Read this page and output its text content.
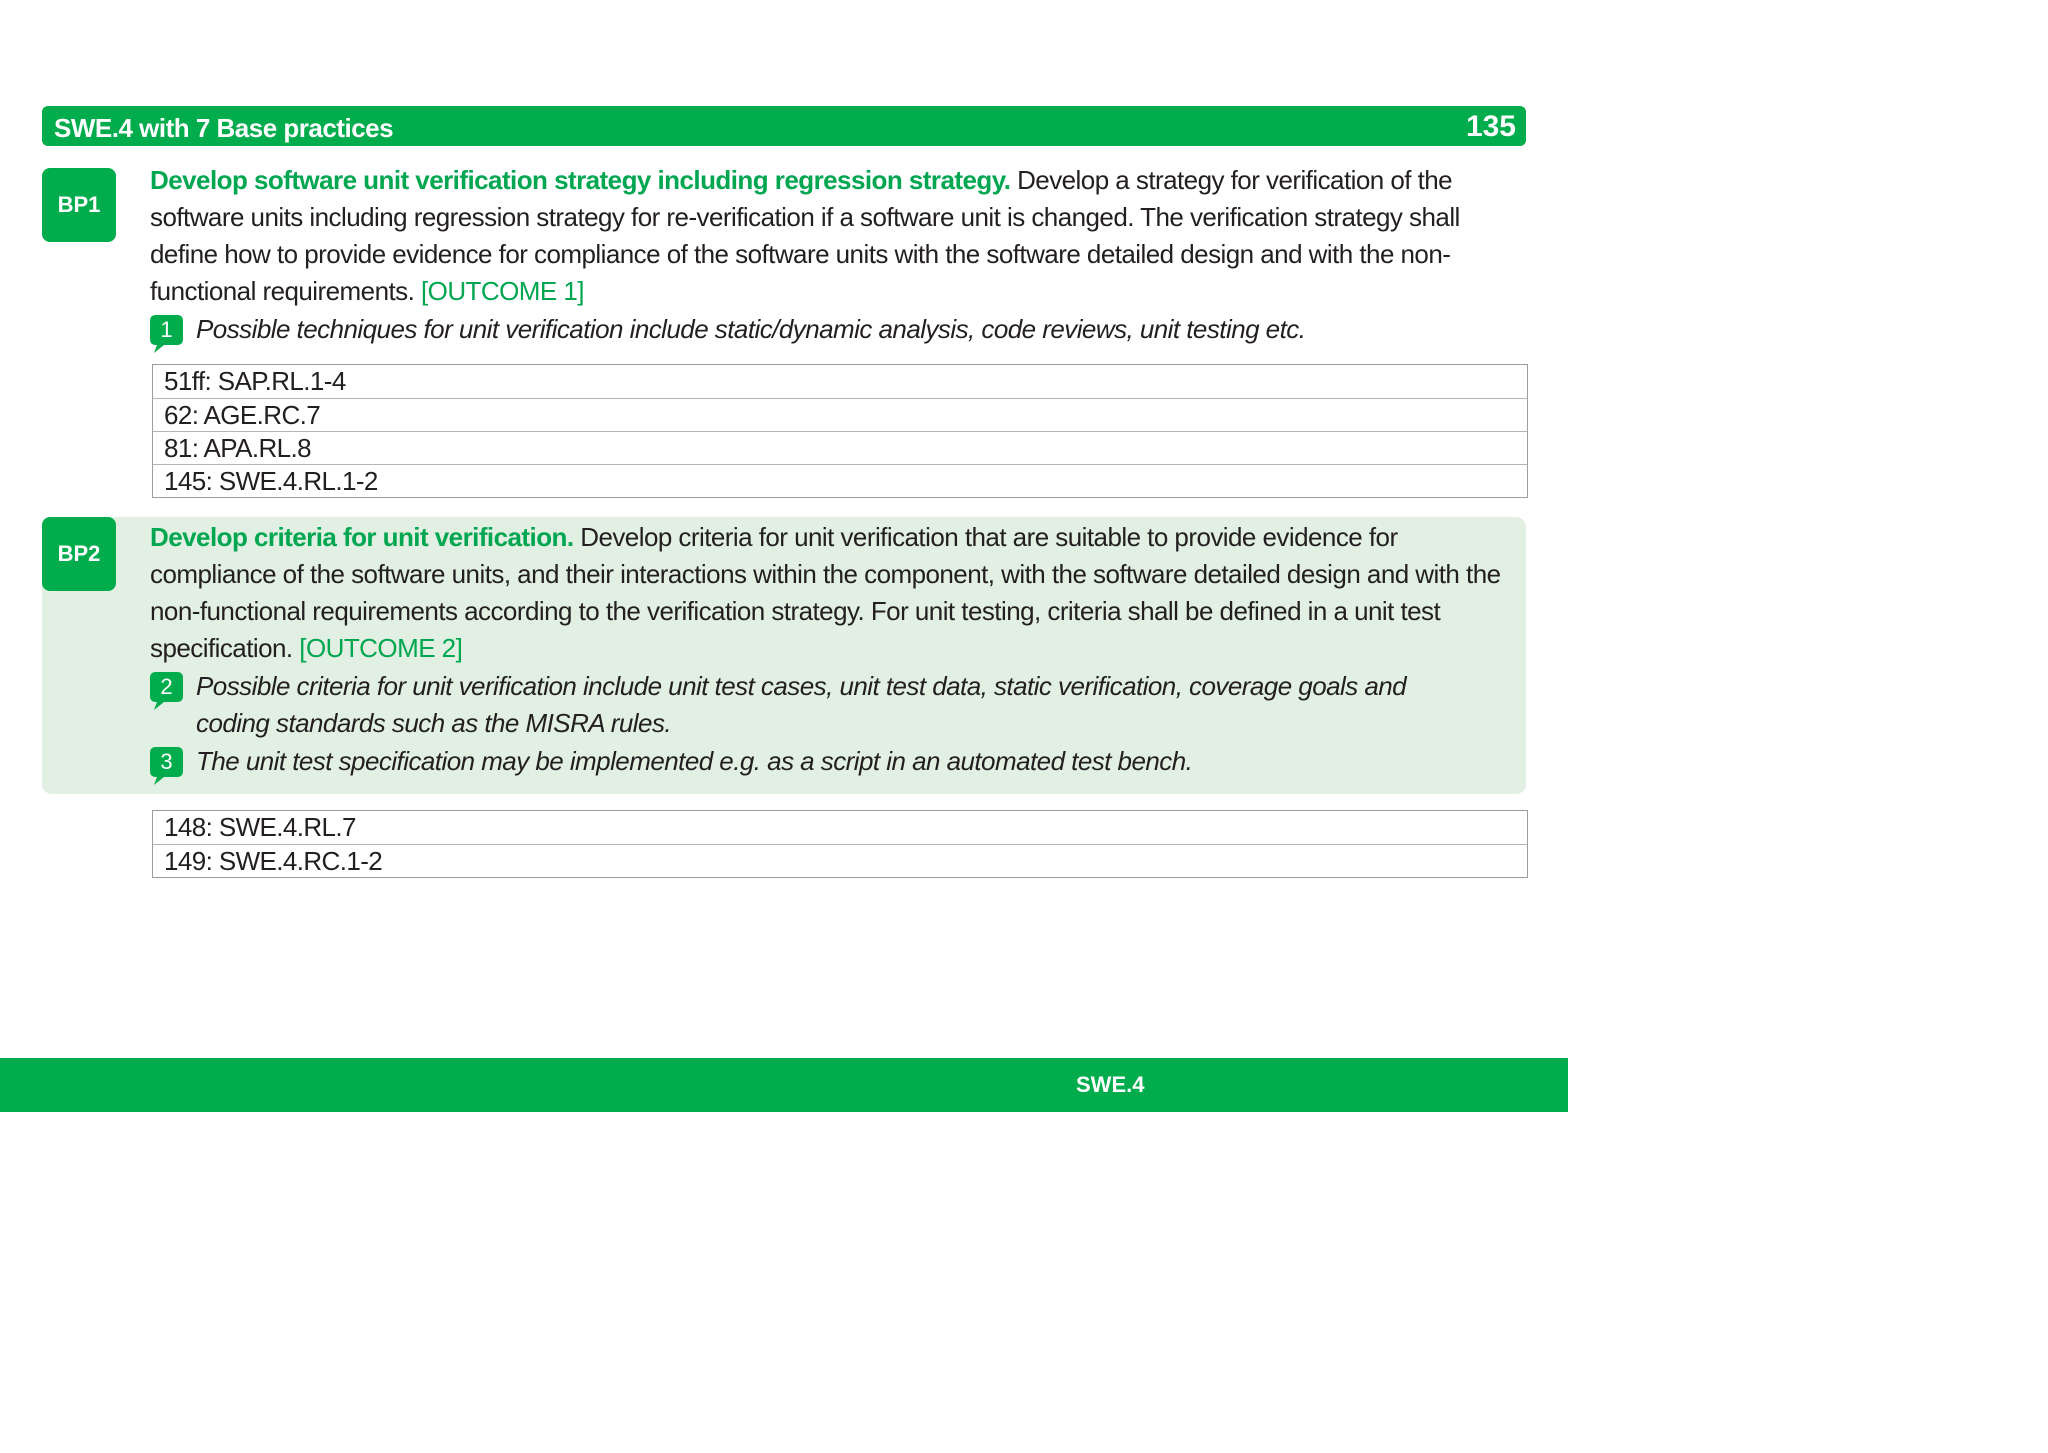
SWE.4 with 7 Base practices	135
BP1
Develop software unit verification strategy including regression strategy. Develop a strategy for verification of the software units including regression strategy for re-verification if a software unit is changed. The verification strategy shall define how to provide evidence for compliance of the software units with the software detailed design and with the non-functional requirements. [OUTCOME 1]
1 Possible techniques for unit verification include static/dynamic analysis, code reviews, unit testing etc.
51ff: SAP.RL.1-4
62: AGE.RC.7
81: APA.RL.8
145: SWE.4.RL.1-2
BP2
Develop criteria for unit verification. Develop criteria for unit verification that are suitable to provide evidence for compliance of the software units, and their interactions within the component, with the software detailed design and with the non-functional requirements according to the verification strategy. For unit testing, criteria shall be defined in a unit test specification. [OUTCOME 2]
2 Possible criteria for unit verification include unit test cases, unit test data, static verification, coverage goals and coding standards such as the MISRA rules.
3 The unit test specification may be implemented e.g. as a script in an automated test bench.
148: SWE.4.RL.7
149: SWE.4.RC.1-2
SWE.4
